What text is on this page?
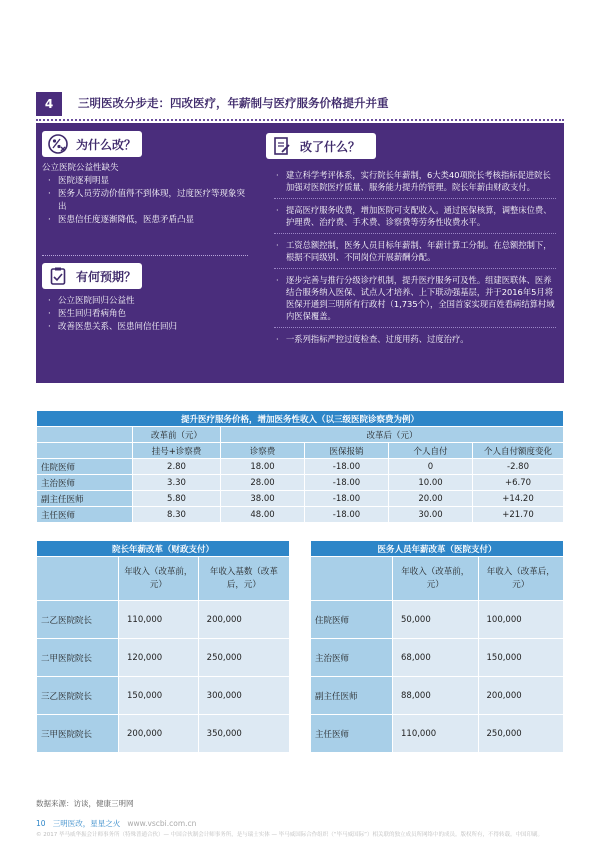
4	三明医改分步走：四改医疗，年薪制与医疗服务价格提升并重
为什么改？
公立医院公益性缺失
· 医院逐利明显
· 医务人员劳动价值得不到体现，过度医疗等现象突出
· 医患信任度逐渐降低，医患矛盾凸显
有何预期？
· 公立医院回归公益性
· 医生回归看病角色
· 改善医患关系、医患间信任回归
改了什么？
· 建立科学考评体系，实行院长年薪制，6大类40项院长考核指标促进院长加强对医院医疗质量、服务能力提升的管理。院长年薪由财政支付。
· 提高医疗服务收费，增加医院可支配收入。通过医保核算，调整床位费、护理费、治疗费、手术费、诊察费等劳务性收费水平。
· 工资总额控制，医务人员目标年薪制、年薪计算工分制。在总额控制下，根据不同级别、不同岗位开展薪酬分配。
· 逐步完善与推行分级诊疗机制，提升医疗服务可及性。组建医联体、医养结合服务纳入医保、试点人才培养、上下联动强基层，并于2016年5月将医保开通到三明所有行政村（1,735个），全国首家实现百姓看病结算村域内医保覆盖。
· 一系列指标严控过度检查、过度用药、过度治疗。
提升医疗服务价格，增加医务性收入（以三级医院诊察费为例）					
	改革前（元）	改革后（元）			
	挂号+诊察费	诊察费	医保报销	个人自付	个人自付额度变化
住院医师	2.80	18.00	-18.00	0	-2.80
主治医师	3.30	28.00	-18.00	10.00	+6.70
副主任医师	5.80	38.00	-18.00	20.00	+14.20
主任医师	8.30	48.00	-18.00	30.00	+21.70
院长年薪改革（财政支付）		
	年收入（改革前，元）	年收入基数（改革后，元）
二乙医院院长	110,000	200,000
二甲医院院长	120,000	250,000
三乙医院院长	150,000	300,000
三甲医院院长	200,000	350,000
医务人员年薪改革（医院支付）		
	年收入（改革前，元）	年收入（改革后，元）
住院医师	50,000	100,000
主治医师	68,000	150,000
副主任医师	88,000	200,000
主任医师	110,000	250,000
数据来源：访谈，健康三明网
10 三明医改，星星之火 www.vscbi.com.cn
© 2017 毕马威华振会计师事务所（特殊普通合伙）— 中国合伙制会计师事务所，是与瑞士实体 — 毕马威国际合作组织（“毕马威国际”）相关联的独立成员所网络中的成员。版权所有，不得转载。中国印刷。
